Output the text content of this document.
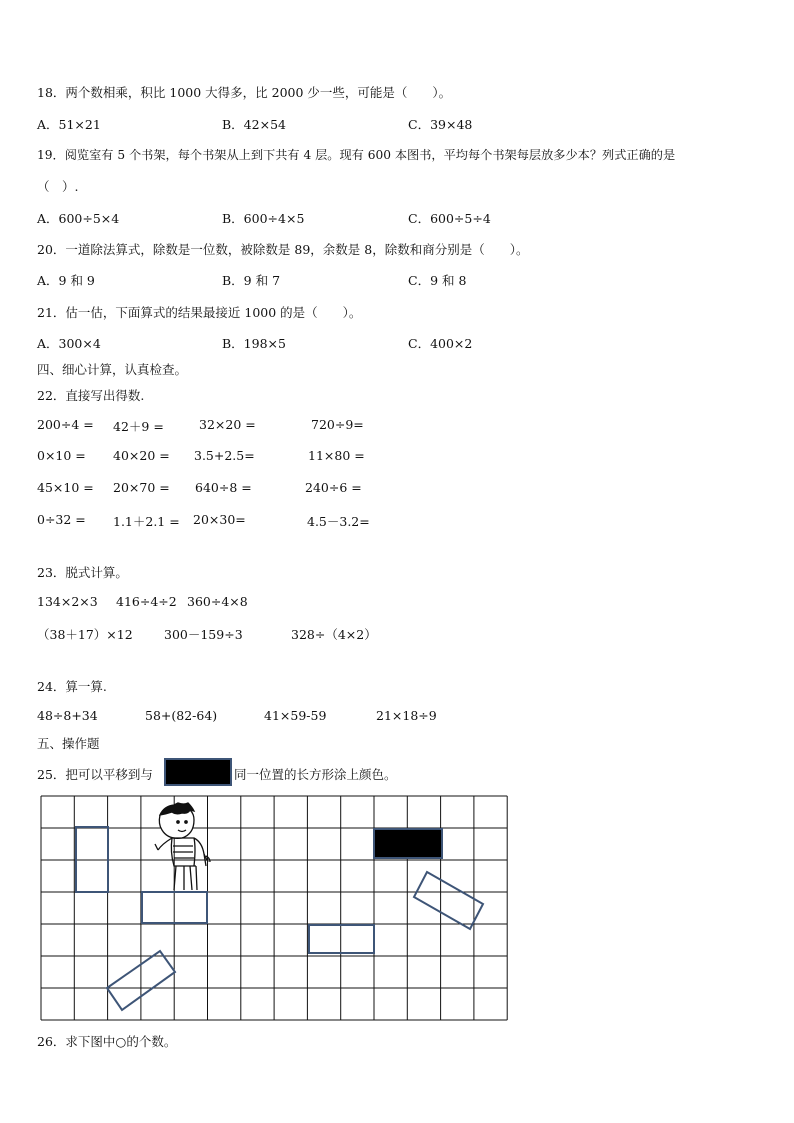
18．两个数相乘，积比 1000 大得多，比 2000 少一些，可能是（　　）。
A．51×21	B．42×54	C．39×48
19．阅览室有 5 个书架，每个书架从上到下共有 4 层。现有 600 本图书，平均每个书架每层放多少本？列式正确的是
（　）.
A．600÷5×4	B．600÷4×5	C．600÷5÷4
20．一道除法算式，除数是一位数，被除数是 89，余数是 8，除数和商分别是（　　）。
A．9 和 9	B．9 和 7	C．9 和 8
21．估一估，下面算式的结果最接近 1000 的是（　　）。
A．300×4	B．198×5	C．400×2
四、细心计算，认真检查。
22．直接写出得数.
200÷4 = 42＋9 =	32×20 =	720÷9=
0×10 = 40×20 = 3.5+2.5=	11×80 =
45×10 = 20×70 = 640÷8 =	240÷6 =
0÷32 = 1.1＋2.1 = 20×30=	4.5－3.2=
23．脱式计算。
134×2×3 416÷4÷2 360÷4×8
（38＋17）×12	300－159÷3	328÷（4×2）
24．算一算.
48÷8+34	58+(82-64)	41×59-59	21×18÷9
五、操作题
25．把可以平移到与	同一位置的长方形涂上颜色。
26．求下图中○的个数。
